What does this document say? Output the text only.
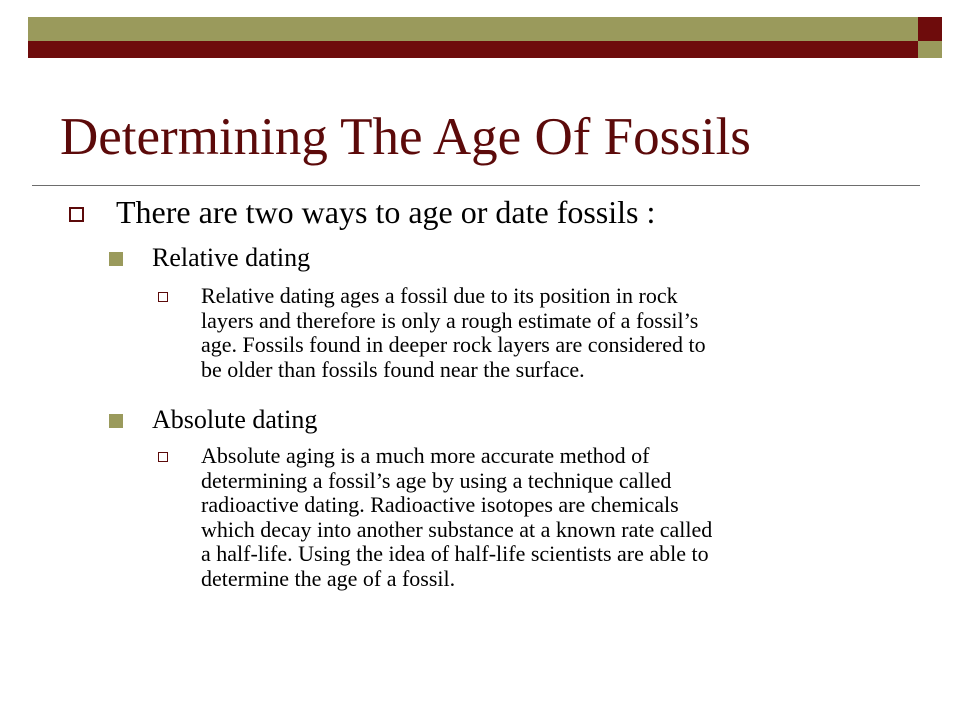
Determining The Age Of Fossils
There are two ways to age or date fossils :
Relative dating
Relative dating ages a fossil due to its position in rock
layers and therefore is only a rough estimate of a fossil’s
age. Fossils found in deeper rock layers are considered to
be older than fossils found near the surface.
Absolute dating
Absolute aging is a much more accurate method of
determining a fossil’s age by using a technique called
radioactive dating. Radioactive isotopes are chemicals
which decay into another substance at a known rate called
a half-life. Using the idea of half-life scientists are able to
determine the age of a fossil.
